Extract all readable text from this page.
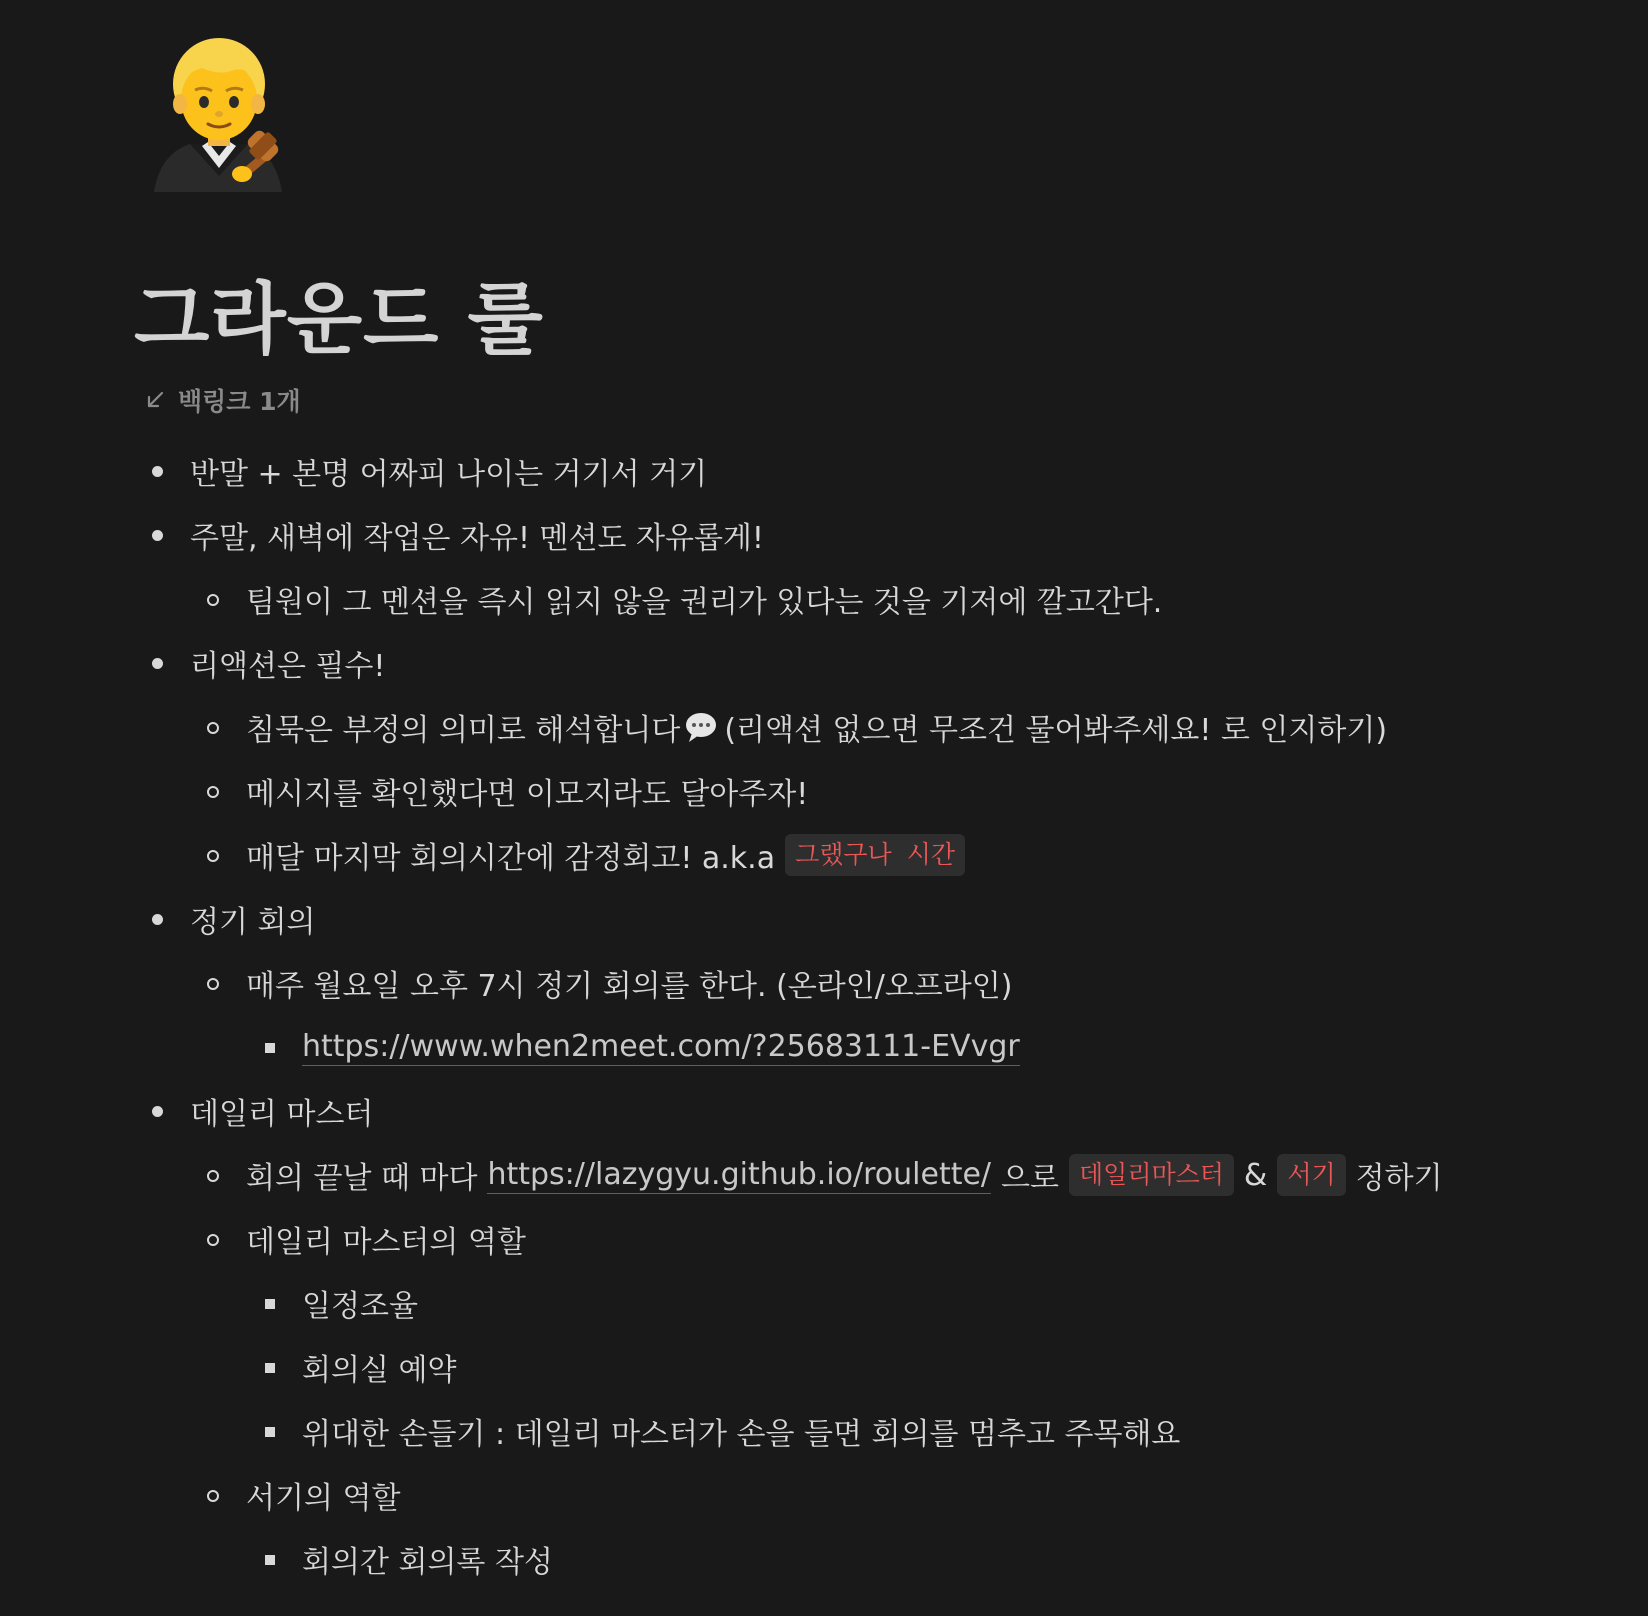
그라운드 룰
백링크 1개
반말 + 본명 어짜피 나이는 거기서 거기
주말, 새벽에 작업은 자유! 멘션도 자유롭게!
팀원이 그 멘션을 즉시 읽지 않을 권리가 있다는 것을 기저에 깔고간다.
리액션은 필수!
침묵은 부정의 의미로 해석합니다 (리액션 없으면 무조건 물어봐주세요! 로 인지하기)
메시지를 확인했다면 이모지라도 달아주자!
매달 마지막 회의시간에 감정회고! a.k.a 그랬구나 시간
정기 회의
매주 월요일 오후 7시 정기 회의를 한다. (온라인/오프라인)
https://www.when2meet.com/?25683111-EVvgr
데일리 마스터
회의 끝날 때 마다 https://lazygyu.github.io/roulette/ 으로 데일리마스터 & 서기 정하기
데일리 마스터의 역할
일정조율
회의실 예약
위대한 손들기 : 데일리 마스터가 손을 들면 회의를 멈추고 주목해요
서기의 역할
회의간 회의록 작성
